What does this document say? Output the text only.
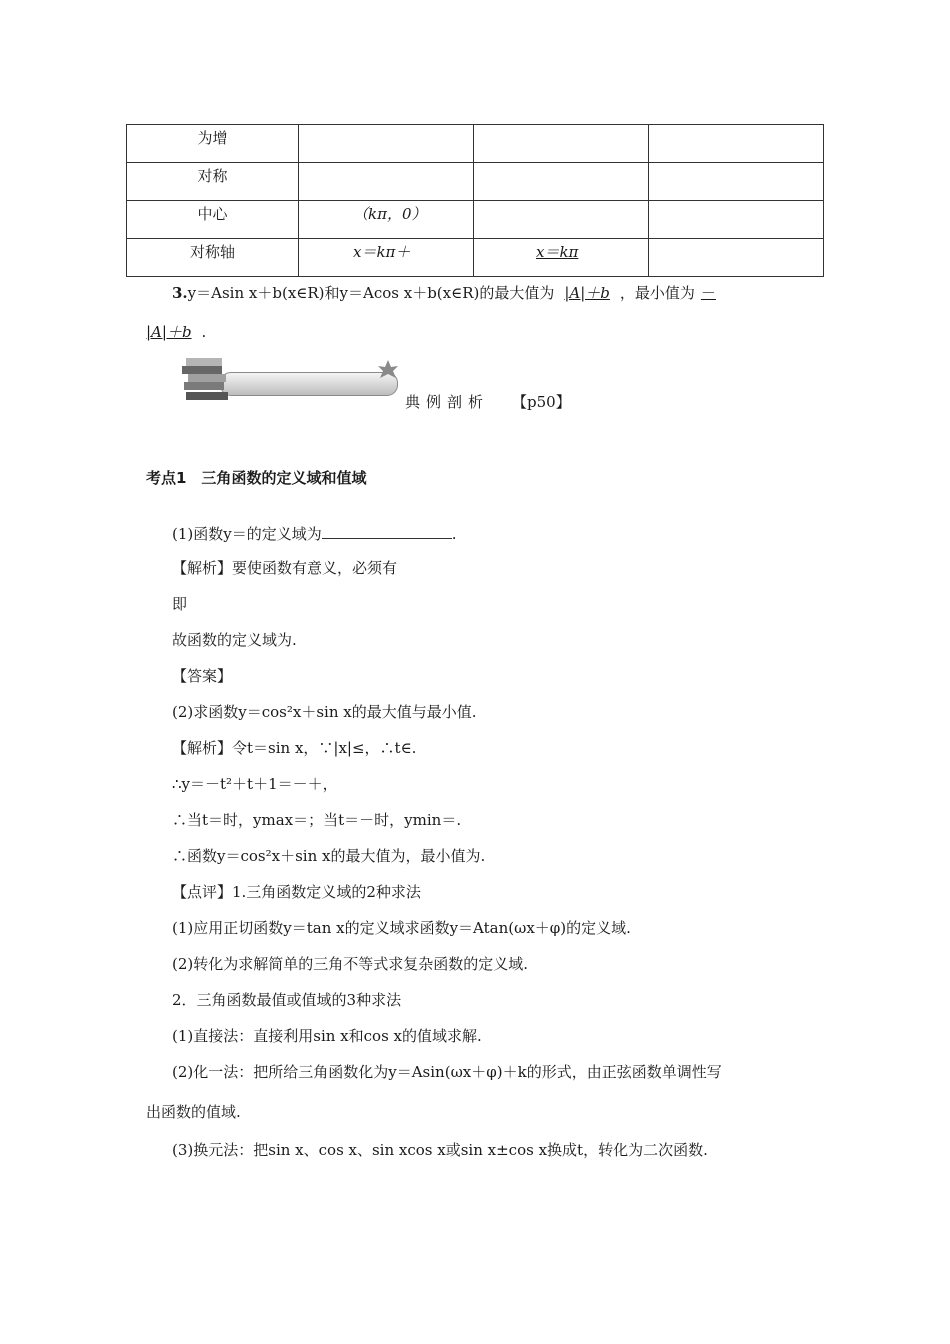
为增			

对称			

中心	（kπ，0）		

对称轴	x＝kπ＋	x＝kπ	

3.y＝Asin x＋b(x∈R)和y＝Acos x＋b(x∈R)的最大值为 |A|＋b ，最小值为 －
|A|＋b .
典例剖析 【p50】
考点1　三角函数的定义域和值域
(1)函数y＝的定义域为	.
【解析】要使函数有意义，必须有
即
故函数的定义域为.
【答案】
(2)求函数y＝cos²x＋sin x的最大值与最小值.
【解析】令t＝sin x，∵|x|≤，∴t∈.
∴y＝－t²＋t＋1＝－＋，
∴当t＝时，ymax＝；当t＝－时，ymin＝.
∴函数y＝cos²x＋sin x的最大值为，最小值为.
【点评】1.三角函数定义域的2种求法
(1)应用正切函数y＝tan x的定义域求函数y＝Atan(ωx＋φ)的定义域.
(2)转化为求解简单的三角不等式求复杂函数的定义域.
2．三角函数最值或值域的3种求法
(1)直接法：直接利用sin x和cos x的值域求解.
(2)化一法：把所给三角函数化为y＝Asin(ωx＋φ)＋k的形式，由正弦函数单调性写
出函数的值域.
(3)换元法：把sin x、cos x、sin xcos x或sin x±cos x换成t，转化为二次函数.
